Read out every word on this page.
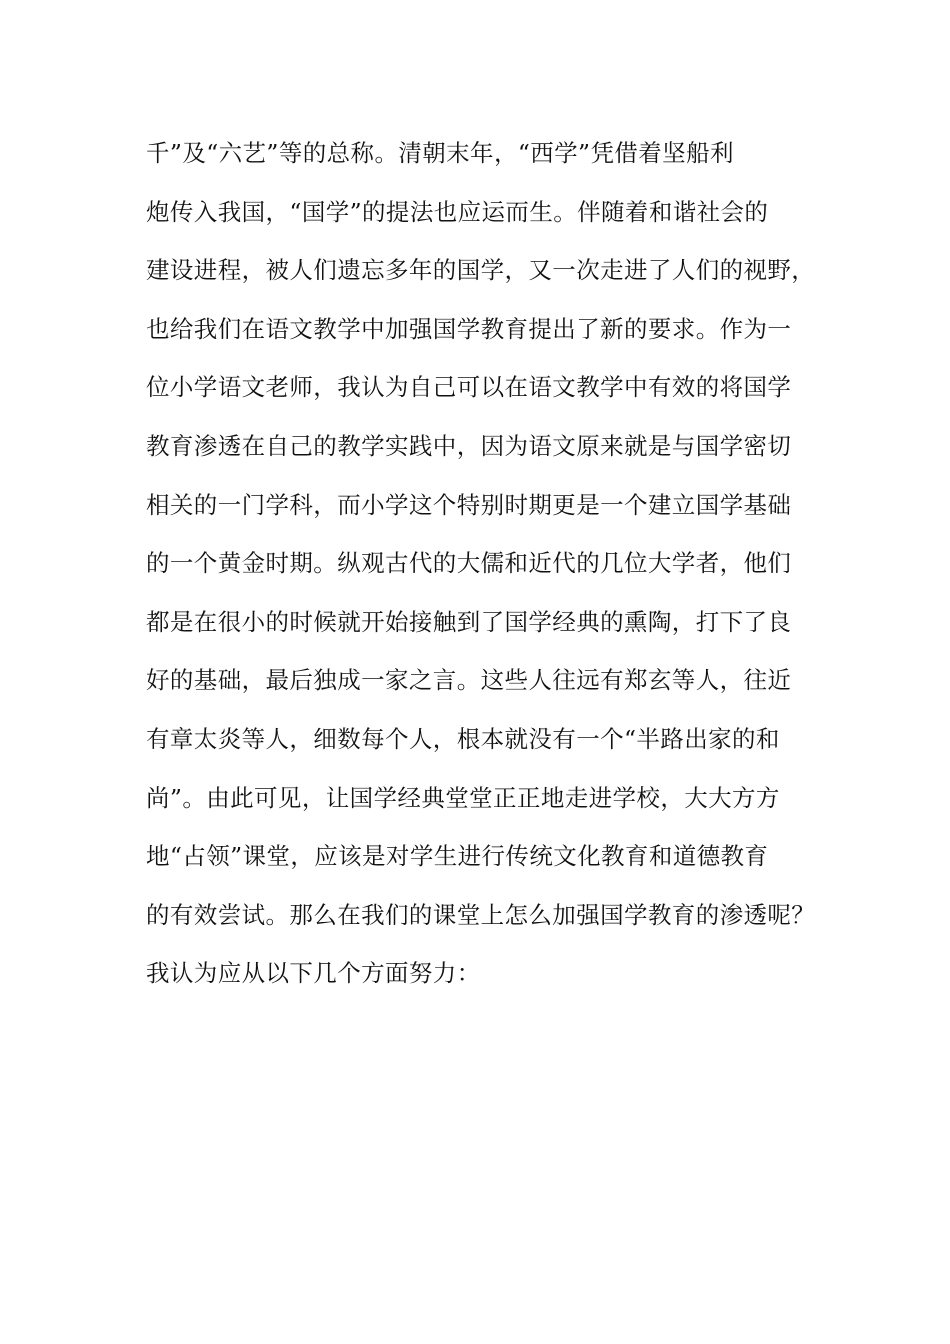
千”及“六艺”等的总称。清朝末年，“西学”凭借着坚船利
炮传入我国，“国学”的提法也应运而生。伴随着和谐社会的
建设进程，被人们遗忘多年的国学，又一次走进了人们的视野，
也给我们在语文教学中加强国学教育提出了新的要求。作为一
位小学语文老师，我认为自己可以在语文教学中有效的将国学
教育渗透在自己的教学实践中，因为语文原来就是与国学密切
相关的一门学科，而小学这个特别时期更是一个建立国学基础
的一个黄金时期。纵观古代的大儒和近代的几位大学者，他们
都是在很小的时候就开始接触到了国学经典的熏陶，打下了良
好的基础，最后独成一家之言。这些人往远有郑玄等人，往近
有章太炎等人，细数每个人，根本就没有一个“半路出家的和
尚”。由此可见，让国学经典堂堂正正地走进学校，大大方方
地“占领”课堂，应该是对学生进行传统文化教育和道德教育
的有效尝试。那么在我们的课堂上怎么加强国学教育的渗透呢？
我认为应从以下几个方面努力：
